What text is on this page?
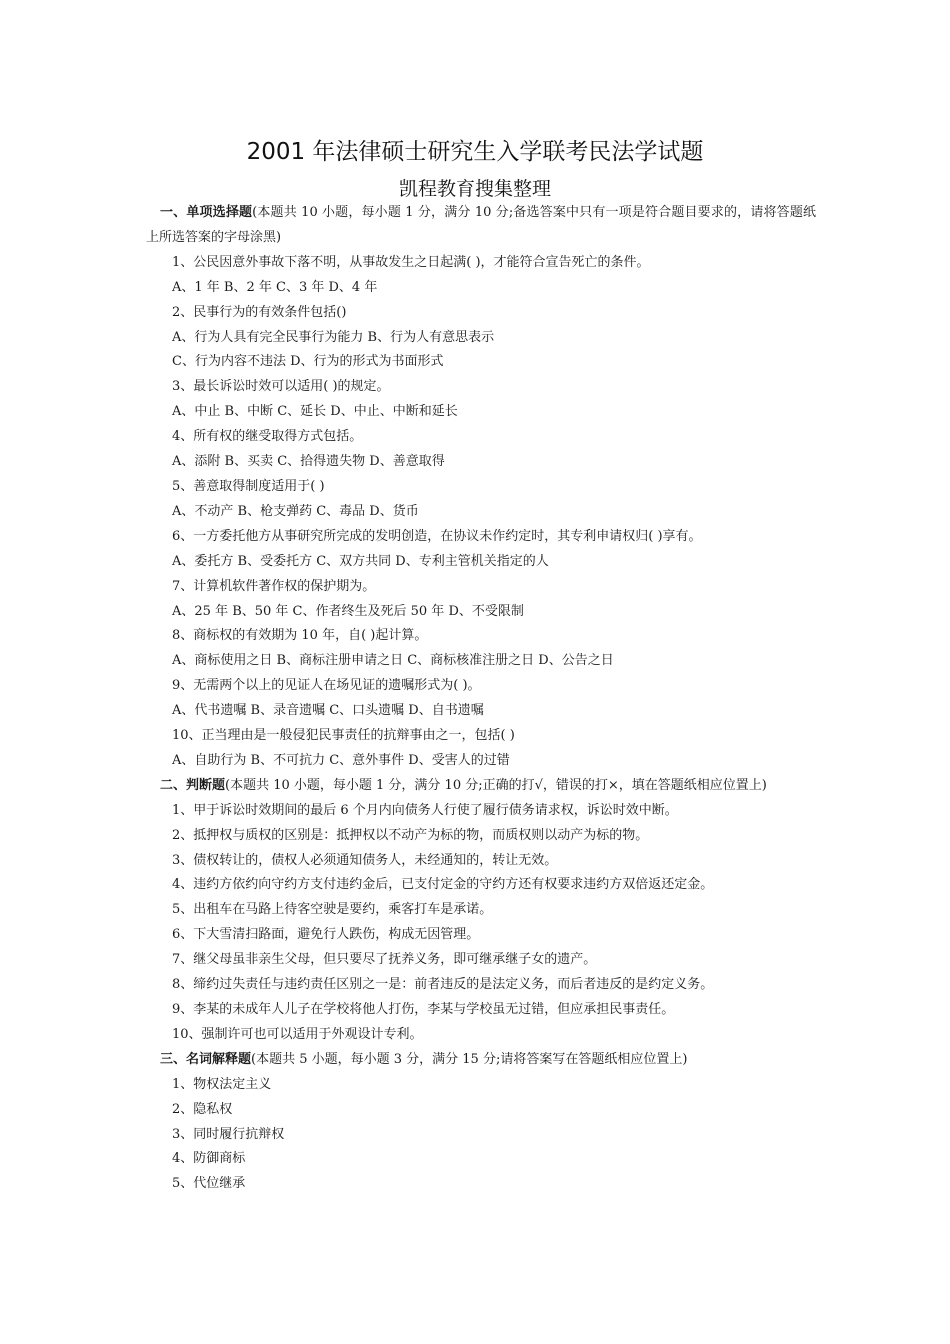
2001 年法律硕士研究生入学联考民法学试题
凯程教育搜集整理
一、单项选择题(本题共 10 小题，每小题 1 分，满分 10 分;备选答案中只有一项是符合题目要求的，请将答题纸上所选答案的字母涂黑)
1、公民因意外事故下落不明，从事故发生之日起满( )，才能符合宣告死亡的条件。
A、1 年 B、2 年 C、3 年 D、4 年
2、民事行为的有效条件包括()
A、行为人具有完全民事行为能力 B、行为人有意思表示
C、行为内容不违法 D、行为的形式为书面形式
3、最长诉讼时效可以适用( )的规定。
A、中止 B、中断 C、延长 D、中止、中断和延长
4、所有权的继受取得方式包括。
A、添附 B、买卖 C、拾得遗失物 D、善意取得
5、善意取得制度适用于( )
A、不动产 B、枪支弹药 C、毒品 D、货币
6、一方委托他方从事研究所完成的发明创造，在协议未作约定时，其专利申请权归( )享有。
A、委托方 B、受委托方 C、双方共同 D、专利主管机关指定的人
7、计算机软件著作权的保护期为。
A、25 年 B、50 年 C、作者终生及死后 50 年 D、不受限制
8、商标权的有效期为 10 年，自( )起计算。
A、商标使用之日 B、商标注册申请之日 C、商标核准注册之日 D、公告之日
9、无需两个以上的见证人在场见证的遗嘱形式为( )。
A、代书遗嘱 B、录音遗嘱 C、口头遗嘱 D、自书遗嘱
10、正当理由是一般侵犯民事责任的抗辩事由之一，包括( )
A、自助行为 B、不可抗力 C、意外事件 D、受害人的过错
二、判断题(本题共 10 小题，每小题 1 分，满分 10 分;正确的打√，错误的打×，填在答题纸相应位置上)
1、甲于诉讼时效期间的最后 6 个月内向债务人行使了履行债务请求权，诉讼时效中断。
2、抵押权与质权的区别是：抵押权以不动产为标的物，而质权则以动产为标的物。
3、债权转让的，债权人必须通知债务人，未经通知的，转让无效。
4、违约方依约向守约方支付违约金后，已支付定金的守约方还有权要求违约方双倍返还定金。
5、出租车在马路上待客空驶是要约，乘客打车是承诺。
6、下大雪清扫路面，避免行人跌伤，构成无因管理。
7、继父母虽非亲生父母，但只要尽了抚养义务，即可继承继子女的遗产。
8、缔约过失责任与违约责任区别之一是：前者违反的是法定义务，而后者违反的是约定义务。
9、李某的未成年人儿子在学校将他人打伤，李某与学校虽无过错，但应承担民事责任。
10、强制许可也可以适用于外观设计专利。
三、名词解释题(本题共 5 小题，每小题 3 分，满分 15 分;请将答案写在答题纸相应位置上)
1、物权法定主义
2、隐私权
3、同时履行抗辩权
4、防御商标
5、代位继承
